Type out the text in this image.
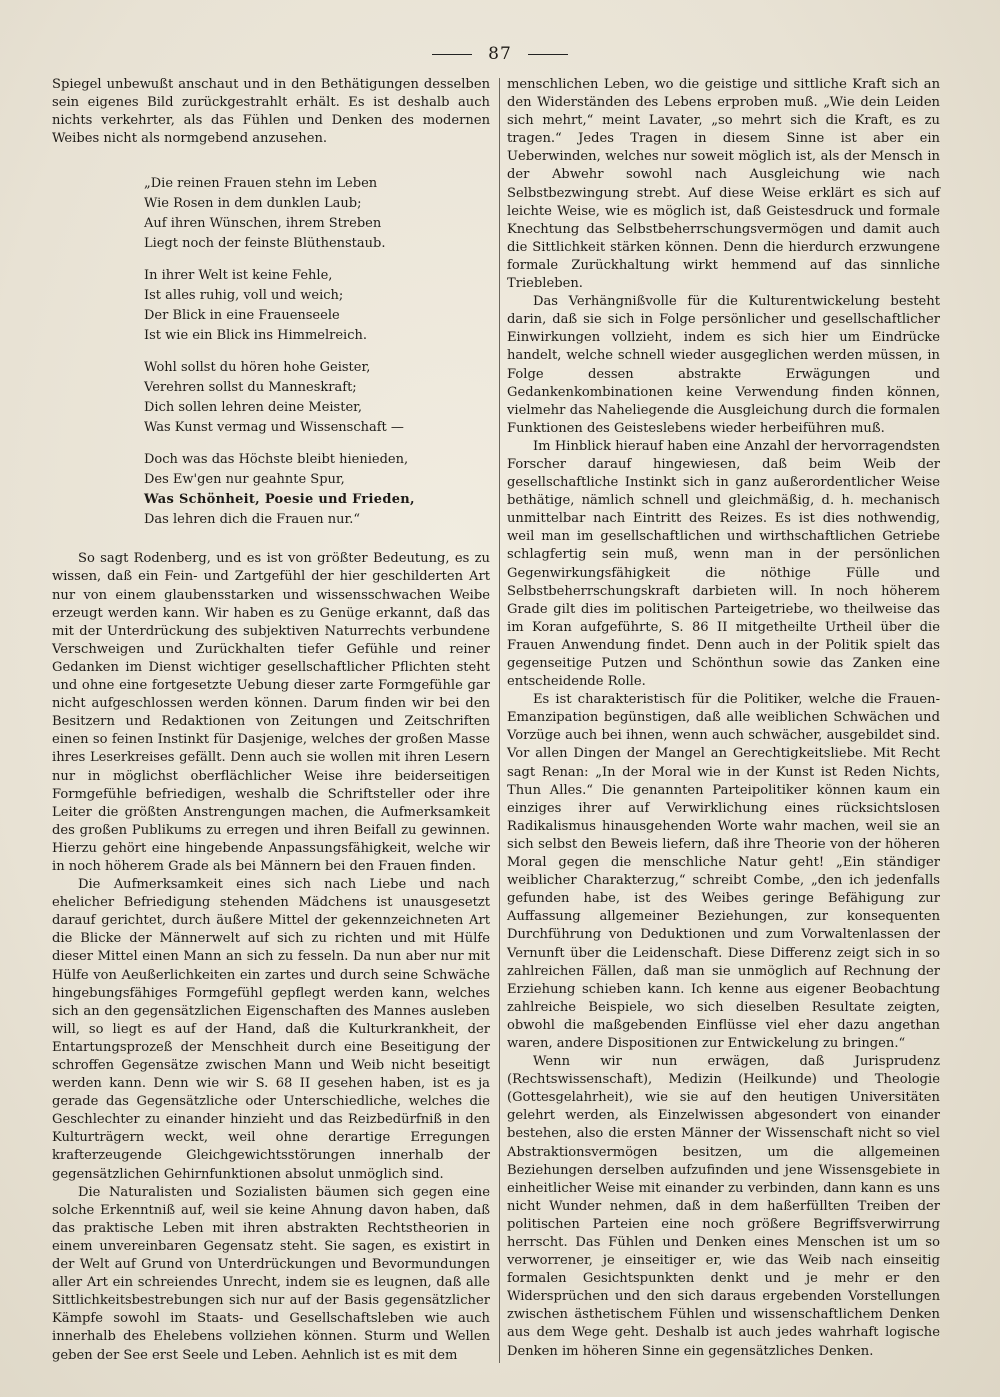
87

Spiegel unbewußt anschaut und in den Bethätigungen desselben sein eigenes Bild zurückgestrahlt erhält. Es ist deshalb auch nichts verkehrter, als das Fühlen und Denken des modernen Weibes nicht als normgebend anzusehen.

„Die reinen Frauen stehn im Leben
Wie Rosen in dem dunklen Laub;
Auf ihren Wünschen, ihrem Streben
Liegt noch der feinste Blüthenstaub.
In ihrer Welt ist keine Fehle,
Ist alles ruhig, voll und weich;
Der Blick in eine Frauenseele
Ist wie ein Blick ins Himmelreich.
Wohl sollst du hören hohe Geister,
Verehren sollst du Manneskraft;
Dich sollen lehren deine Meister,
Was Kunst vermag und Wissenschaft —
Doch was das Höchste bleibt hienieden,
Des Ew'gen nur geahnte Spur,
Was Schönheit, Poesie und Frieden,
Das lehren dich die Frauen nur.“

So sagt Rodenberg, und es ist von größter Bedeutung, es zu wissen, daß ein Fein- und Zartgefühl der hier geschilderten Art nur von einem glaubensstarken und wissensschwachen Weibe erzeugt werden kann. Wir haben es zu Genüge erkannt, daß das mit der Unterdrückung des subjektiven Naturrechts verbundene Verschweigen und Zurückhalten tiefer Gefühle und reiner Gedanken im Dienst wichtiger gesellschaftlicher Pflichten steht und ohne eine fortgesetzte Uebung dieser zarte Formgefühle gar nicht aufgeschlossen werden können. Darum finden wir bei den Besitzern und Redaktionen von Zeitungen und Zeitschriften einen so feinen Instinkt für Dasjenige, welches der großen Masse ihres Leserkreises gefällt. Denn auch sie wollen mit ihren Lesern nur in möglichst oberflächlicher Weise ihre beiderseitigen Formgefühle befriedigen, weshalb die Schriftsteller oder ihre Leiter die größten Anstrengungen machen, die Aufmerksamkeit des großen Publikums zu erregen und ihren Beifall zu gewinnen. Hierzu gehört eine hingebende Anpassungsfähigkeit, welche wir in noch höherem Grade als bei Männern bei den Frauen finden.

Die Aufmerksamkeit eines sich nach Liebe und nach ehelicher Befriedigung stehenden Mädchens ist unausgesetzt darauf gerichtet, durch äußere Mittel der gekennzeichneten Art die Blicke der Männerwelt auf sich zu richten und mit Hülfe dieser Mittel einen Mann an sich zu fesseln. Da nun aber nur mit Hülfe von Aeußerlichkeiten ein zartes und durch seine Schwäche hingebungsfähiges Formgefühl gepflegt werden kann, welches sich an den gegensätzlichen Eigenschaften des Mannes ausleben will, so liegt es auf der Hand, daß die Kulturkrankheit, der Entartungsprozeß der Menschheit durch eine Beseitigung der schroffen Gegensätze zwischen Mann und Weib nicht beseitigt werden kann. Denn wie wir S. 68 II gesehen haben, ist es ja gerade das Gegensätzliche oder Unterschiedliche, welches die Geschlechter zu einander hinzieht und das Reizbedürfniß in den Kulturträgern weckt, weil ohne derartige Erregungen krafterzeugende Gleichgewichtsstörungen innerhalb der gegensätzlichen Gehirnfunktionen absolut unmöglich sind.

Die Naturalisten und Sozialisten bäumen sich gegen eine solche Erkenntniß auf, weil sie keine Ahnung davon haben, daß das praktische Leben mit ihren abstrakten Rechtstheorien in einem unvereinbaren Gegensatz steht. Sie sagen, es existirt in der Welt auf Grund von Unterdrückungen und Bevormundungen aller Art ein schreiendes Unrecht, indem sie es leugnen, daß alle Sittlichkeitsbestrebungen sich nur auf der Basis gegensätzlicher Kämpfe sowohl im Staats- und Gesellschaftsleben wie auch innerhalb des Ehelebens vollziehen können. Sturm und Wellen geben der See erst Seele und Leben. Aehnlich ist es mit dem

menschlichen Leben, wo die geistige und sittliche Kraft sich an den Widerständen des Lebens erproben muß. „Wie dein Leiden sich mehrt,“ meint Lavater, „so mehrt sich die Kraft, es zu tragen.“ Jedes Tragen in diesem Sinne ist aber ein Ueberwinden, welches nur soweit möglich ist, als der Mensch in der Abwehr sowohl nach Ausgleichung wie nach Selbstbezwingung strebt. Auf diese Weise erklärt es sich auf leichte Weise, wie es möglich ist, daß Geistesdruck und formale Knechtung das Selbstbeherrschungsvermögen und damit auch die Sittlichkeit stärken können. Denn die hierdurch erzwungene formale Zurückhaltung wirkt hemmend auf das sinnliche Triebleben.

Das Verhängnißvolle für die Kulturentwickelung besteht darin, daß sie sich in Folge persönlicher und gesellschaftlicher Einwirkungen vollzieht, indem es sich hier um Eindrücke handelt, welche schnell wieder ausgeglichen werden müssen, in Folge dessen abstrakte Erwägungen und Gedankenkombinationen keine Verwendung finden können, vielmehr das Naheliegende die Ausgleichung durch die formalen Funktionen des Geisteslebens wieder herbeiführen muß.

Im Hinblick hierauf haben eine Anzahl der hervorragendsten Forscher darauf hingewiesen, daß beim Weib der gesellschaftliche Instinkt sich in ganz außerordentlicher Weise bethätige, nämlich schnell und gleichmäßig, d. h. mechanisch unmittelbar nach Eintritt des Reizes. Es ist dies nothwendig, weil man im gesellschaftlichen und wirthschaftlichen Getriebe schlagfertig sein muß, wenn man in der persönlichen Gegenwirkungsfähigkeit die nöthige Fülle und Selbstbeherrschungskraft darbieten will. In noch höherem Grade gilt dies im politischen Parteigetriebe, wo theilweise das im Koran aufgeführte, S. 86 II mitgetheilte Urtheil über die Frauen Anwendung findet. Denn auch in der Politik spielt das gegenseitige Putzen und Schönthun sowie das Zanken eine entscheidende Rolle.

Es ist charakteristisch für die Politiker, welche die Frauen-Emanzipation begünstigen, daß alle weiblichen Schwächen und Vorzüge auch bei ihnen, wenn auch schwächer, ausgebildet sind. Vor allen Dingen der Mangel an Gerechtigkeitsliebe. Mit Recht sagt Renan: „In der Moral wie in der Kunst ist Reden Nichts, Thun Alles.“ Die genannten Parteipolitiker können kaum ein einziges ihrer auf Verwirklichung eines rücksichtslosen Radikalismus hinausgehenden Worte wahr machen, weil sie an sich selbst den Beweis liefern, daß ihre Theorie von der höheren Moral gegen die menschliche Natur geht! „Ein ständiger weiblicher Charakterzug,“ schreibt Combe, „den ich jedenfalls gefunden habe, ist des Weibes geringe Befähigung zur Auffassung allgemeiner Beziehungen, zur konsequenten Durchführung von Deduktionen und zum Vorwaltenlassen der Vernunft über die Leidenschaft. Diese Differenz zeigt sich in so zahlreichen Fällen, daß man sie unmöglich auf Rechnung der Erziehung schieben kann. Ich kenne aus eigener Beobachtung zahlreiche Beispiele, wo sich dieselben Resultate zeigten, obwohl die maßgebenden Einflüsse viel eher dazu angethan waren, andere Dispositionen zur Entwickelung zu bringen.“

Wenn wir nun erwägen, daß Jurisprudenz (Rechtswissenschaft), Medizin (Heilkunde) und Theologie (Gottesgelahrheit), wie sie auf den heutigen Universitäten gelehrt werden, als Einzelwissen abgesondert von einander bestehen, also die ersten Männer der Wissenschaft nicht so viel Abstraktionsvermögen besitzen, um die allgemeinen Beziehungen derselben aufzufinden und jene Wissensgebiete in einheitlicher Weise mit einander zu verbinden, dann kann es uns nicht Wunder nehmen, daß in dem haßerfüllten Treiben der politischen Parteien eine noch größere Begriffsverwirrung herrscht. Das Fühlen und Denken eines Menschen ist um so verworrener, je einseitiger er, wie das Weib nach einseitig formalen Gesichtspunkten denkt und je mehr er den Widersprüchen und den sich daraus ergebenden Vorstellungen zwischen ästhetischem Fühlen und wissenschaftlichem Denken aus dem Wege geht. Deshalb ist auch jedes wahrhaft logische Denken im höheren Sinne ein gegensätzliches Denken.
